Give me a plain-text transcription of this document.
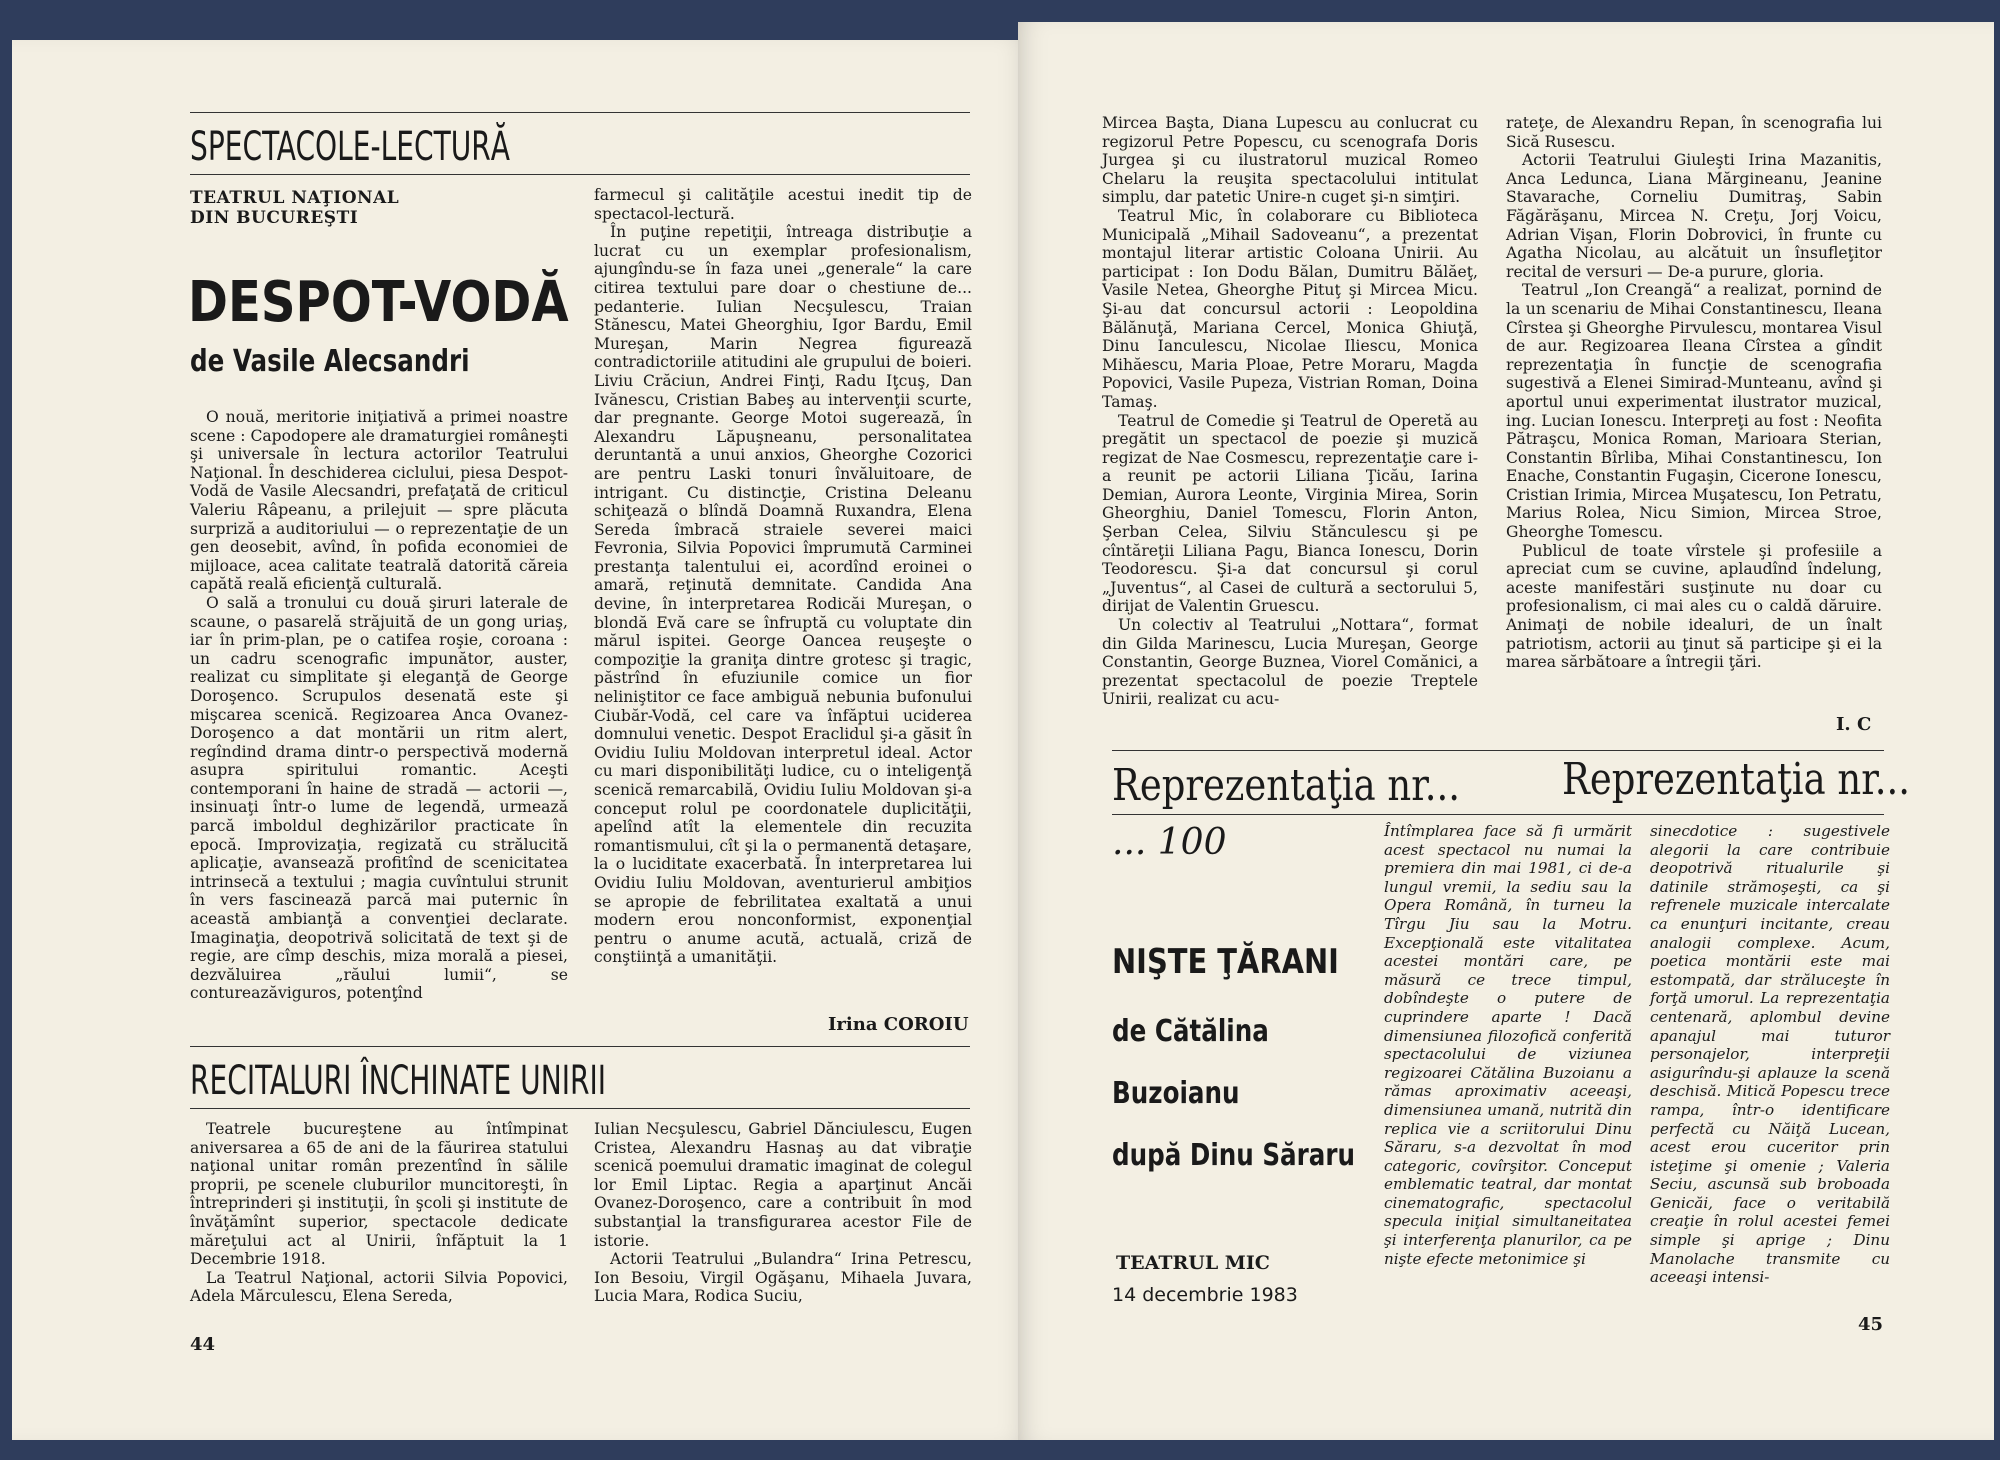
SPECTACOLE-LECTURĂ
TEATRUL NAŢIONAL
DIN BUCUREŞTI
DESPOT-VODĂ
de Vasile Alecsandri

O nouă, meritorie iniţiativă a primei noastre scene : Capodopere ale dramaturgiei româneşti şi universale în lectura actorilor Teatrului Naţional. În deschiderea ciclului, piesa Despot-Vodă de Vasile Alecsandri, prefaţată de criticul Valeriu Râpeanu, a prilejuit — spre plăcuta surpriză a auditoriului — o reprezentaţie de un gen deosebit, avînd, în pofida economiei de mijloace, acea calitate teatrală datorită căreia capătă reală eficienţă culturală.

O sală a tronului cu două şiruri laterale de scaune, o pasarelă străjuită de un gong uriaş, iar în prim-plan, pe o catifea roşie, coroana : un cadru scenografic impunător, auster, realizat cu simplitate şi eleganţă de George Doroşenco. Scrupulos desenată este şi mişcarea scenică. Regizoarea Anca Ovanez-Doroşenco a dat montării un ritm alert, regîndind drama dintr-o perspectivă modernă asupra spiritului romantic. Aceşti contemporani în haine de stradă — actorii —, insinuaţi într-o lume de legendă, urmează parcă imboldul deghizărilor practicate în epocă. Improvizaţia, regizată cu strălucită aplicaţie, avansează profitînd de scenicitatea intrinsecă a textului ; magia cuvîntului strunit în vers fascinează parcă mai puternic în această ambianţă a convenţiei declarate. Imaginaţia, deopotrivă solicitată de text şi de regie, are cîmp deschis, miza morală a piesei, dezvăluirea „răului lumii“, se contureazăviguros, potenţînd

farmecul şi calităţile acestui inedit tip de spectacol-lectură.

În puţine repetiţii, întreaga distribuţie a lucrat cu un exemplar profesionalism, ajungîndu-se în faza unei „generale“ la care citirea textului pare doar o chestiune de... pedanterie. Iulian Necşulescu, Traian Stănescu, Matei Gheorghiu, Igor Bardu, Emil Mureşan, Marin Negrea figurează contradictoriile atitudini ale grupului de boieri. Liviu Crăciun, Andrei Finţi, Radu Iţcuş, Dan Ivănescu, Cristian Babeş au intervenţii scurte, dar pregnante. George Motoi sugerează, în Alexandru Lăpuşneanu, personalitatea deruntantă a unui anxios, Gheorghe Cozorici are pentru Laski tonuri învăluitoare, de intrigant. Cu distincţie, Cristina Deleanu schiţează o blîndă Doamnă Ruxandra, Elena Sereda îmbracă straiele severei maici Fevronia, Silvia Popovici împrumută Carminei prestanţa talentului ei, acordînd eroinei o amară, reţinută demnitate. Candida Ana devine, în interpretarea Rodicăi Mureşan, o blondă Evă care se înfruptă cu voluptate din mărul ispitei. George Oancea reuşeşte o compoziţie la graniţa dintre grotesc şi tragic, păstrînd în efuziunile comice un fior neliniştitor ce face ambiguă nebunia bufonului Ciubăr-Vodă, cel care va înfăptui uciderea domnului venetic. Despot Eraclidul şi-a găsit în Ovidiu Iuliu Moldovan interpretul ideal. Actor cu mari disponibilităţi ludice, cu o inteligenţă scenică remarcabilă, Ovidiu Iuliu Moldovan şi-a conceput rolul pe coordonatele duplicităţii, apelînd atît la elementele din recuzita romantismului, cît şi la o permanentă detaşare, la o luciditate exacerbată. În interpretarea lui Ovidiu Iuliu Moldovan, aventurierul ambiţios se apropie de febrilitatea exaltată a unui modern erou nonconformist, exponenţial pentru o anume acută, actuală, criză de conştiinţă a umanităţii.

Irina COROIU
RECITALURI ÎNCHINATE UNIRII

Teatrele bucureştene au întîmpinat aniversarea a 65 de ani de la făurirea statului naţional unitar român prezentînd în sălile proprii, pe scenele cluburilor muncitoreşti, în întreprinderi şi instituţii, în şcoli şi institute de învăţămînt superior, spectacole dedicate măreţului act al Unirii, înfăptuit la 1 Decembrie 1918.

La Teatrul Naţional, actorii Silvia Popovici, Adela Mărculescu, Elena Sereda,

Iulian Necşulescu, Gabriel Dănciulescu, Eugen Cristea, Alexandru Hasnaş au dat vibraţie scenică poemului dramatic imaginat de colegul lor Emil Liptac. Regia a aparţinut Ancăi Ovanez-Doroşenco, care a contribuit în mod substanţial la transfigurarea acestor File de istorie.

Actorii Teatrului „Bulandra“ Irina Petrescu, Ion Besoiu, Virgil Ogăşanu, Mihaela Juvara, Lucia Mara, Rodica Suciu,

44

Mircea Başta, Diana Lupescu au conlucrat cu regizorul Petre Popescu, cu scenografa Doris Jurgea şi cu ilustratorul muzical Romeo Chelaru la reuşita spectacolului intitulat simplu, dar patetic Unire-n cuget şi-n simţiri.

Teatrul Mic, în colaborare cu Biblioteca Municipală „Mihail Sadoveanu“, a prezentat montajul literar artistic Coloana Unirii. Au participat : Ion Dodu Bălan, Dumitru Bălăeţ, Vasile Netea, Gheorghe Pituţ şi Mircea Micu. Şi-au dat concursul actorii : Leopoldina Bălănuţă, Mariana Cercel, Monica Ghiuţă, Dinu Ianculescu, Nicolae Iliescu, Monica Mihăescu, Maria Ploae, Petre Moraru, Magda Popovici, Vasile Pupeza, Vistrian Roman, Doina Tamaş.

Teatrul de Comedie şi Teatrul de Operetă au pregătit un spectacol de poezie şi muzică regizat de Nae Cosmescu, reprezentaţie care i-a reunit pe actorii Liliana Ţicău, Iarina Demian, Aurora Leonte, Virginia Mirea, Sorin Gheorghiu, Daniel Tomescu, Florin Anton, Şerban Celea, Silviu Stănculescu şi pe cîntăreţii Liliana Pagu, Bianca Ionescu, Dorin Teodorescu. Şi-a dat concursul şi corul „Juventus“, al Casei de cultură a sectorului 5, dirijat de Valentin Gruescu.

Un colectiv al Teatrului „Nottara“, format din Gilda Marinescu, Lucia Mureşan, George Constantin, George Buznea, Viorel Comănici, a prezentat spectacolul de poezie Treptele Unirii, realizat cu acu-

rateţe, de Alexandru Repan, în scenografia lui Sică Rusescu.

Actorii Teatrului Giuleşti Irina Mazanitis, Anca Ledunca, Liana Mărgineanu, Jeanine Stavarache, Corneliu Dumitraş, Sabin Făgărăşanu, Mircea N. Creţu, Jorj Voicu, Adrian Vişan, Florin Dobrovici, în frunte cu Agatha Nicolau, au alcătuit un însufleţitor recital de versuri — De-a purure, gloria.

Teatrul „Ion Creangă“ a realizat, pornind de la un scenariu de Mihai Constantinescu, Ileana Cîrstea şi Gheorghe Pirvulescu, montarea Visul de aur. Regizoarea Ileana Cîrstea a gîndit reprezentaţia în funcţie de scenografia sugestivă a Elenei Simirad-Munteanu, avînd şi aportul unui experimentat ilustrator muzical, ing. Lucian Ionescu. Interpreţi au fost : Neofita Pătraşcu, Monica Roman, Marioara Sterian, Constantin Bîrliba, Mihai Constantinescu, Ion Enache, Constantin Fugaşin, Cicerone Ionescu, Cristian Irimia, Mircea Muşatescu, Ion Petratu, Marius Rolea, Nicu Simion, Mircea Stroe, Gheorghe Tomescu.

Publicul de toate vîrstele şi profesiile a apreciat cum se cuvine, aplaudînd îndelung, aceste manifestări susţinute nu doar cu profesionalism, ci mai ales cu o caldă dăruire. Animaţi de nobile idealuri, de un înalt patriotism, actorii au ţinut să participe şi ei la marea sărbătoare a întregii ţări.

I. C
Reprezentaţia nr... Reprezentaţia nr...
... 100
NIŞTE ŢĂRANI
de Cătălina
Buzoianu
după Dinu Săraru
TEATRUL MIC
14 decembrie 1983

Întîmplarea face să fi urmărit acest spectacol nu numai la premiera din mai 1981, ci de-a lungul vremii, la sediu sau la Opera Română, în turneu la Tîrgu Jiu sau la Motru. Excepţională este vitalitatea acestei montări care, pe măsură ce trece timpul, dobîndeşte o putere de cuprindere aparte ! Dacă dimensiunea filozofică conferită spectacolului de viziunea regizoarei Cătălina Buzoianu a rămas aproximativ aceeaşi, dimensiunea umană, nutrită din replica vie a scriitorului Dinu Săraru, s-a dezvoltat în mod categoric, covîrşitor. Conceput emblematic teatral, dar montat cinematografic, spectacolul specula iniţial simultaneitatea şi interferenţa planurilor, ca pe nişte efecte metonimice şi

sinecdotice : sugestivele alegorii la care contribuie deopotrivă ritualurile şi datinile strămoşeşti, ca şi refrenele muzicale intercalate ca enunţuri incitante, creau analogii complexe. Acum, poetica montării este mai estompată, dar străluceşte în forţă umorul. La reprezentaţia centenară, aplombul devine apanajul mai tuturor personajelor, interpreţii asigurîndu-şi aplauze la scenă deschisă. Mitică Popescu trece rampa, într-o identificare perfectă cu Năiţă Lucean, acest erou cuceritor prin isteţime şi omenie ; Valeria Seciu, ascunsă sub broboada Genicăi, face o veritabilă creaţie în rolul acestei femei simple şi aprige ; Dinu Manolache transmite cu aceeaşi intensi-

45
